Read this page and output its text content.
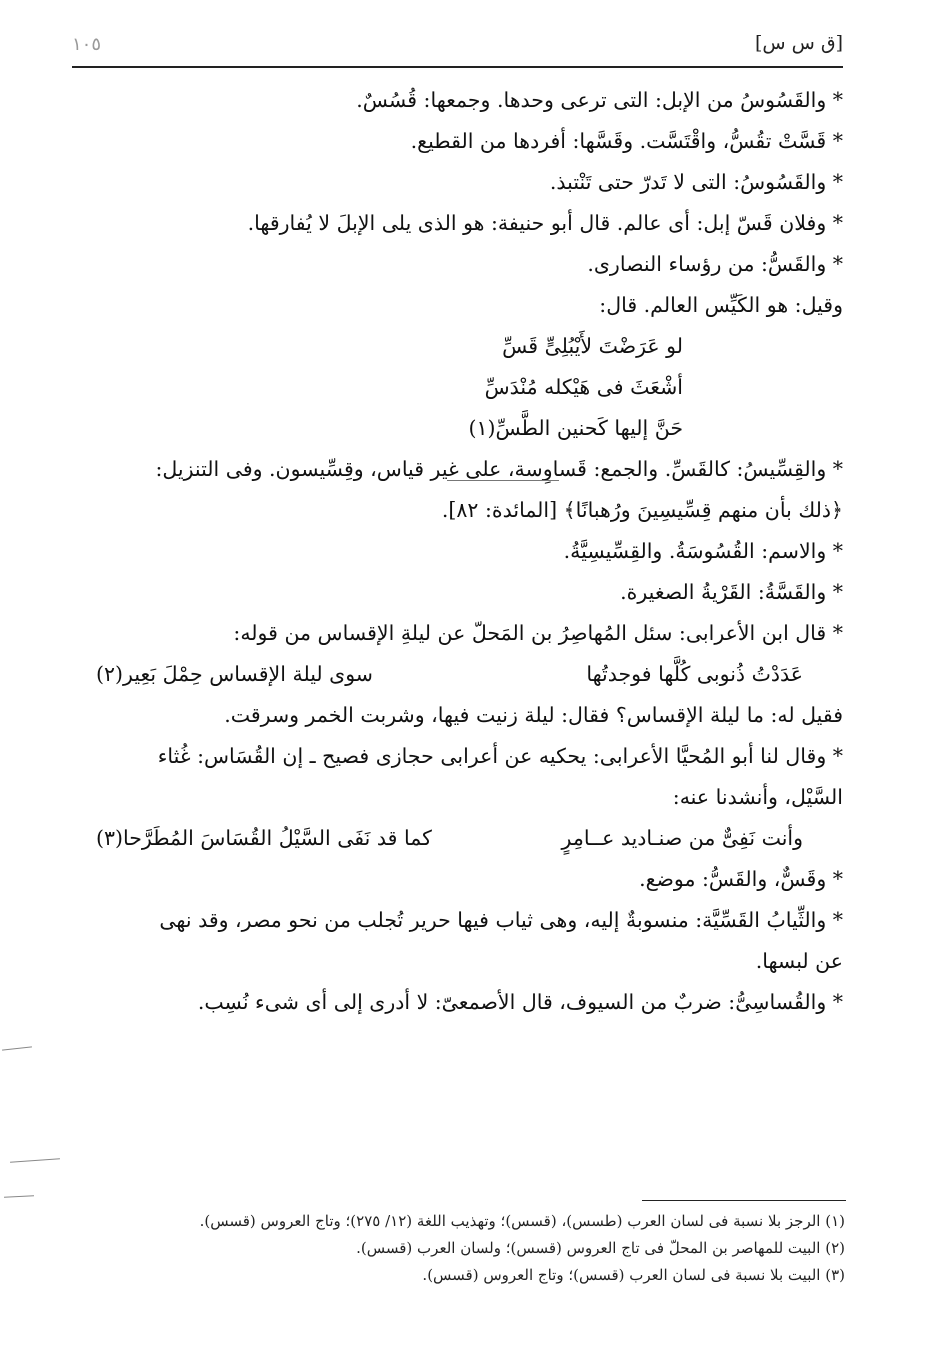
[ق س س]
١٠٥
* والقَسُوسُ من الإبل: التى ترعى وحدها. وجمعها: قُسُسٌ.
* قَسَّتْ تقُسُّ، واقْتَسَّت. وقَسَّها: أفردها من القطيع.
* والقَسُوسُ: التى لا تَدرّ حتى تَنْتبذ.
* وفلان قَسّ إبل: أى عالم. قال أبو حنيفة: هو الذى يلى الإبلَ لا يُفارقها.
* والقَسُّ: من رؤساء النصارى.
وقيل: هو الكَيِّس العالم. قال:
لو عَرَضْتَ لأَيْبُلِىٍّ قَسِّ
أشْعَثَ فى هَيْكله مُنْدَسِّ
حَنَّ إليها كَحنين الطَّسِّ(١)
* والقِسِّيسُ: كالقَسِّ. والجمع: قَساوِسة، على غير قياس، وقِسِّيسون. وفى التنزيل:
﴿ذلك بأن منهم قِسِّيسِينَ ورُهبانًا﴾ [المائدة: ٨٢].
* والاسم: القُسُوسَةُ. والقِسِّيسِيَّةُ.
* والقَسَّةُ: القَرْيةُ الصغيرة.
* قال ابن الأعرابى: سئل المُهاصِرُ بن المَحلّ عن ليلةِ الإقساس من قوله:
عَدَدْتُ ذُنوبى كُلَّها فوجدتُها
سوى ليلة الإقساس حِمْلَ بَعِير(٢)
فقيل له: ما ليلة الإقساس؟ فقال: ليلة زنيت فيها، وشربت الخمر وسرقت.
* وقال لنا أبو المُحيَّا الأعرابى: يحكيه عن أعرابى حجازى فصيح ـ إن القُسَاس: غُثاء
السَّيْل، وأنشدنا عنه:
وأنت نَفِىٌّ من صنـاديد عــامِرٍ
كما قد نَفَى السَّيْلُ القُسَاسَ المُطَرَّحا(٣)
* وقَسٌّ، والقَسُّ: موضع.
* والثِّيابُ القَسِّيَّة: منسوبةٌ إليه، وهى ثياب فيها حرير تُجلب من نحو مصر، وقد نهى
عن لبسها.
* والقُساسِىُّ: ضربٌ من السيوف، قال الأصمعىّ: لا أدرى إلى أى شىء نُسِب.
(١) الرجز بلا نسبة فى لسان العرب (طسس)، (قسس)؛ وتهذيب اللغة (١٢/ ٢٧٥)؛ وتاج العروس (قسس).
(٢) البيت للمهاصر بن المحلّ فى تاج العروس (قسس)؛ ولسان العرب (قسس).
(٣) البيت بلا نسبة فى لسان العرب (قسس)؛ وتاج العروس (قسس).
